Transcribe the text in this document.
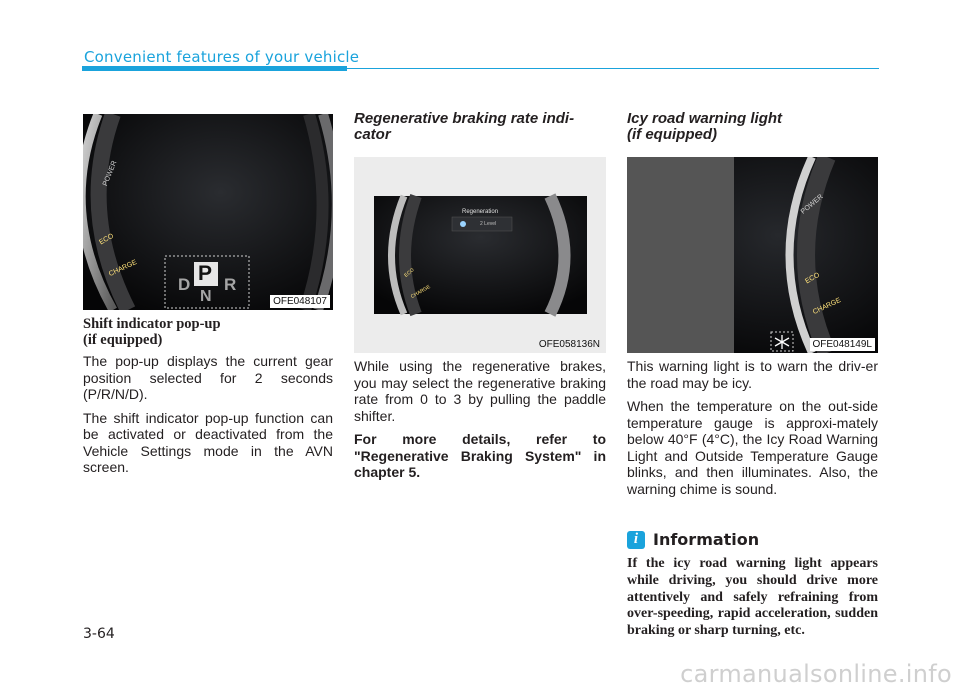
Convenient features of your vehicle
POWER
ECO
CHARGE	P
D R
N	OFE048107
Regeneration
2 Level
ECO
CHARGE
OFE058136N
POWER
ECO
CHARGE
OFE048149L
Shift indicator pop-up
(if equipped)

The pop-up displays the current gear position selected for 2 seconds (P/R/N/D).

The shift indicator pop-up function can be activated or deactivated from the Vehicle Settings mode in the AVN screen.

Regenerative braking rate indi-
cator

While using the regenerative brakes, you may select the regenerative braking rate from 0 to 3 by pulling the paddle shifter.

For more details, refer to "Regenerative Braking System" in chapter 5.

Icy road warning light
(if equipped)

This warning light is to warn the driv-er the road may be icy.

When the temperature on the out-side temperature gauge is approxi-mately below 40°F (4°C), the Icy Road Warning Light and Outside Temperature Gauge blinks, and then illuminates. Also, the warning chime is sound.

i Information
If the icy road warning light appears while driving, you should drive more attentively and safely refraining from over-speeding, rapid acceleration, sudden braking or sharp turning, etc.
3-64
carmanualsonline.info
